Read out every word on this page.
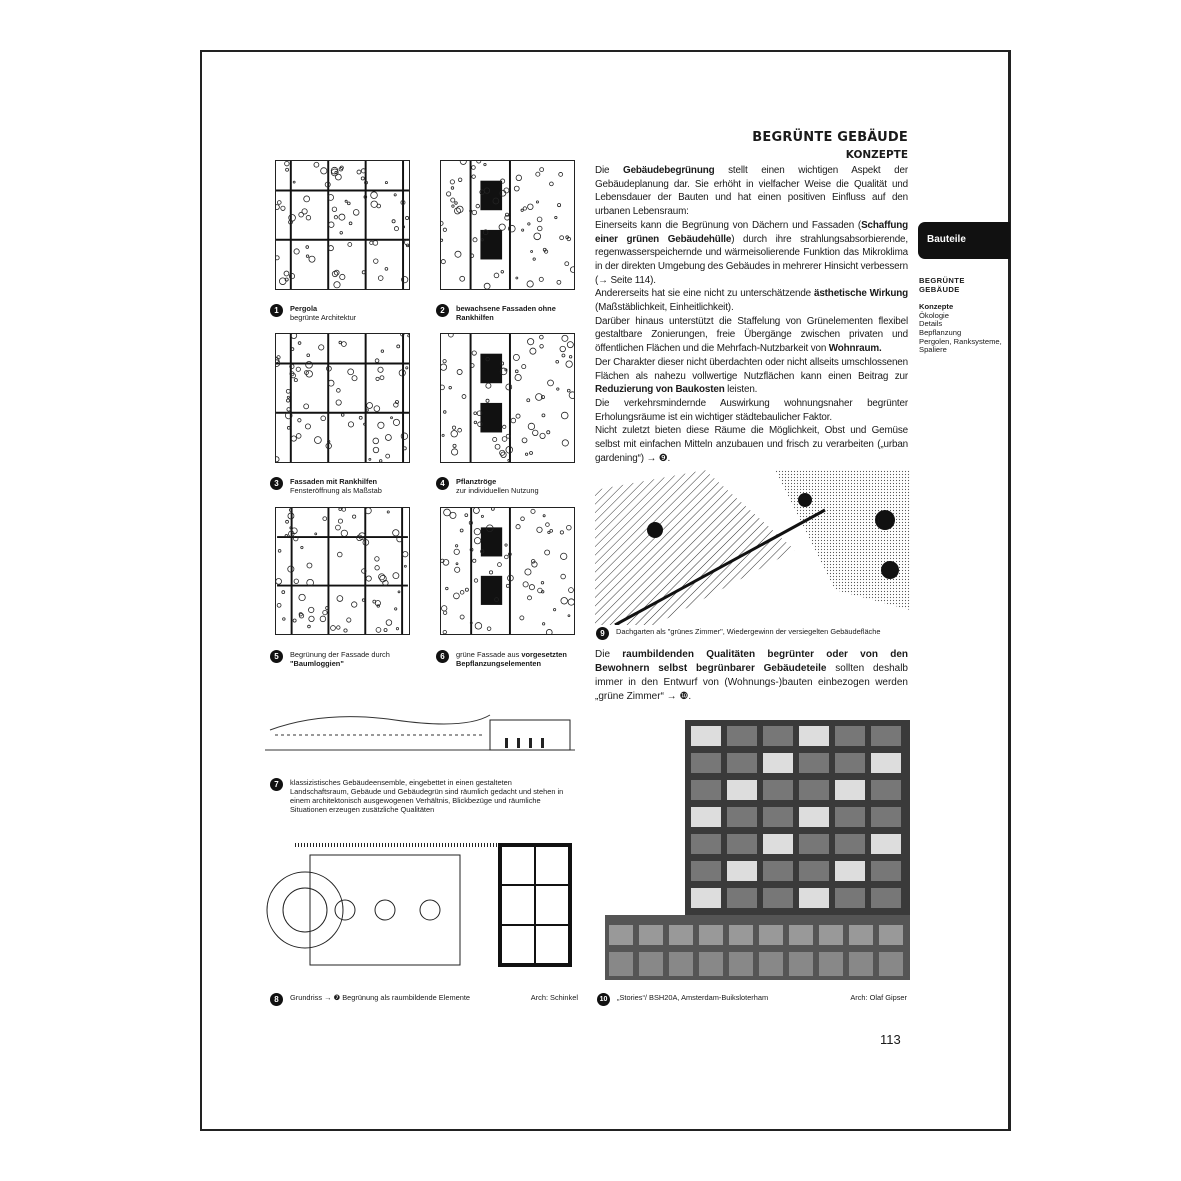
BEGRÜNTE GEBÄUDE
KONZEPTE

Die Gebäudebegrünung stellt einen wichtigen Aspekt der Gebäudeplanung dar. Sie erhöht in vielfacher Weise die Qualität und Lebensdauer der Bauten und hat einen positiven Einfluss auf den urbanen Lebensraum:

Einerseits kann die Begrünung von Dächern und Fassaden (Schaffung einer grünen Gebäudehülle) durch ihre strahlungsabsorbierende, regenwasserspeichernde und wärmeisolierende Funktion das Mikroklima in der direkten Umgebung des Gebäudes in mehrerer Hinsicht verbessern (→ Seite 114).

Andererseits hat sie eine nicht zu unterschätzende ästhetische Wirkung (Maßstäblichkeit, Einheitlichkeit).

Darüber hinaus unterstützt die Staffelung von Grünelementen flexibel gestaltbare Zonierungen, freie Übergänge zwischen privaten und öffentlichen Flächen und die Mehrfach-Nutzbarkeit von Wohnraum.

Der Charakter dieser nicht überdachten oder nicht allseits umschlossenen Flächen als nahezu vollwertige Nutzflächen kann einen Beitrag zur Reduzierung von Baukosten leisten.

Die verkehrsmindernde Auswirkung wohnungsnaher begrünter Erholungsräume ist ein wichtiger städtebaulicher Faktor.

Nicht zuletzt bieten diese Räume die Möglichkeit, Obst und Gemüse selbst mit einfachen Mitteln anzubauen und frisch zu verarbeiten („urban gardening“) → ❾.

Bauteile
BEGRÜNTE GEBÄUDE
Konzepte
Ökologie
Details
Bepflanzung
Pergolen, Ranksysteme, Spaliere
1	Pergola
begrünte Architektur
2	bewachsene Fassaden ohne Rankhilfen
3	Fassaden mit Rankhilfen
Fensteröffnung als Maßstab
4	Pflanztröge
zur individuellen Nutzung
5	Begrünung der Fassade durch
"Baumloggien"
6	grüne Fassade aus vorgesetzten Bepflanzungselementen
7	klassizistisches Gebäudeensemble, eingebettet in einen gestalteten Landschaftsraum, Gebäude und Gebäudegrün sind räumlich gedacht und stehen in einem architektonisch ausgewogenen Verhältnis, Blickbezüge und räumliche Situationen erzeugen zusätzliche Qualitäten
8	Grundriss → ❼ Begrünung als raumbildende Elemente	Arch: Schinkel
9	Dachgarten als "grünes Zimmer", Wiedergewinn der versiegelten Gebäudefläche
10	„Stories“/ BSH20A, Amsterdam-Buiksloterham	Arch: Olaf Gipser
Die raumbildenden Qualitäten begrünter oder von den Bewohnern selbst begrünbarer Gebäudeteile sollten deshalb immer in den Entwurf von (Wohnungs-)bauten einbezogen werden „grüne Zimmer“ → ❿.
113
